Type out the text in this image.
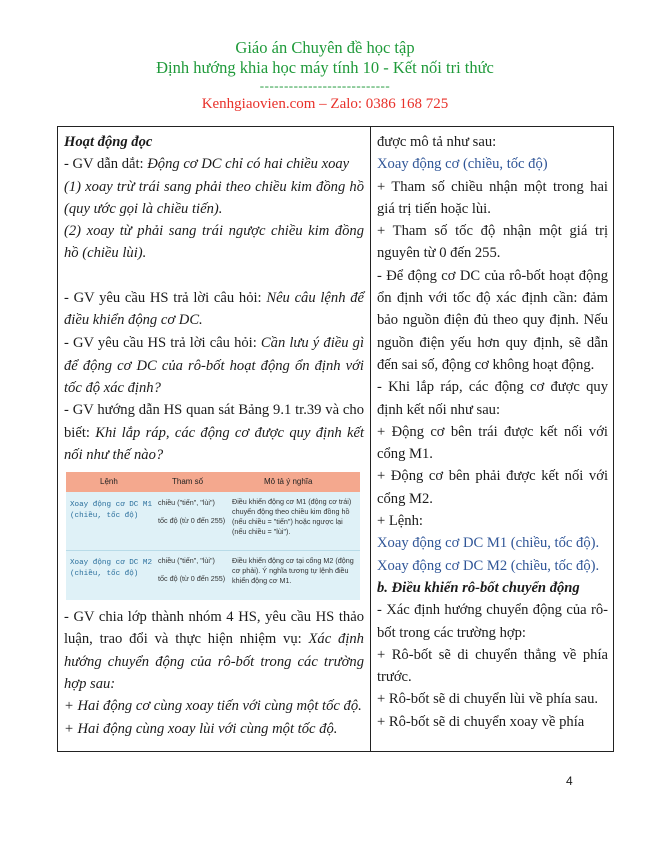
Giáo án Chuyên đề học tập
Định hướng khia học máy tính 10 - Kết nối tri thức
---------------------------
Kenhgiaovien.com – Zalo: 0386 168 725

Hoạt động đọc

- GV dẫn dắt: Động cơ DC chỉ có hai chiều xoay

(1) xoay trừ trái sang phải theo chiều kim đồng hồ (quy ước gọi là chiều tiến).

(2) xoay từ phải sang trái ngược chiều kim đồng hồ (chiều lùi).

- GV yêu cầu HS trả lời câu hỏi: Nêu câu lệnh để điều khiển động cơ DC.

- GV yêu cầu HS trả lời câu hỏi: Cần lưu ý điều gì để động cơ DC của rô-bốt hoạt động ổn định với tốc độ xác định?

- GV hướng dẫn HS quan sát Bảng 9.1 tr.39 và cho biết: Khi lắp ráp, các động cơ được quy định kết nối như thế nào?

Lệnh	Tham số	Mô tả ý nghĩa
Xoay động cơ DC M1 (chiều, tốc độ)
chiều ("tiến", "lùi")
tốc độ (từ 0 đến 255)
Điều khiển động cơ M1 (động cơ trái) chuyển động theo chiều kim đồng hồ (nếu chiều = "tiến") hoặc ngược lại (nếu chiều = "lùi").
Xoay động cơ DC M2 (chiều, tốc độ)
chiều ("tiến", "lùi")
tốc độ (từ 0 đến 255)
Điều khiển động cơ tại cổng M2 (động cơ phải). Ý nghĩa tương tự lệnh điều khiển động cơ M1.

- GV chia lớp thành nhóm 4 HS, yêu cầu HS thảo luận, trao đổi và thực hiện nhiệm vụ: Xác định hướng chuyển động của rô-bốt trong các trường hợp sau:

+ Hai động cơ cùng xoay tiến với cùng một tốc độ.

+ Hai động cùng xoay lùi với cùng một tốc độ.

được mô tả như sau:

Xoay động cơ (chiều, tốc độ)

+ Tham số chiều nhận một trong hai giá trị tiến hoặc lùi.

+ Tham số tốc độ nhận một giá trị nguyên từ 0 đến 255.

- Để động cơ DC của rô-bốt hoạt động ổn định với tốc độ xác định cần: đảm bảo nguồn điện đủ theo quy định. Nếu nguồn điện yếu hơn quy định, sẽ dẫn đến sai số, động cơ không hoạt động.

- Khi lắp ráp, các động cơ được quy định kết nối như sau:

+ Động cơ bên trái được kết nối với cổng M1.

+ Động cơ bên phải được kết nối với cổng M2.

+ Lệnh:

Xoay động cơ DC M1 (chiều, tốc độ).

Xoay động cơ DC M2 (chiều, tốc độ).

b. Điều khiển rô-bốt chuyển động

- Xác định hướng chuyển động của rô-bốt trong các trường hợp:

+ Rô-bốt sẽ di chuyển thẳng về phía trước.

+ Rô-bốt sẽ di chuyển lùi về phía sau.

+ Rô-bốt sẽ di chuyển xoay về phía

4
